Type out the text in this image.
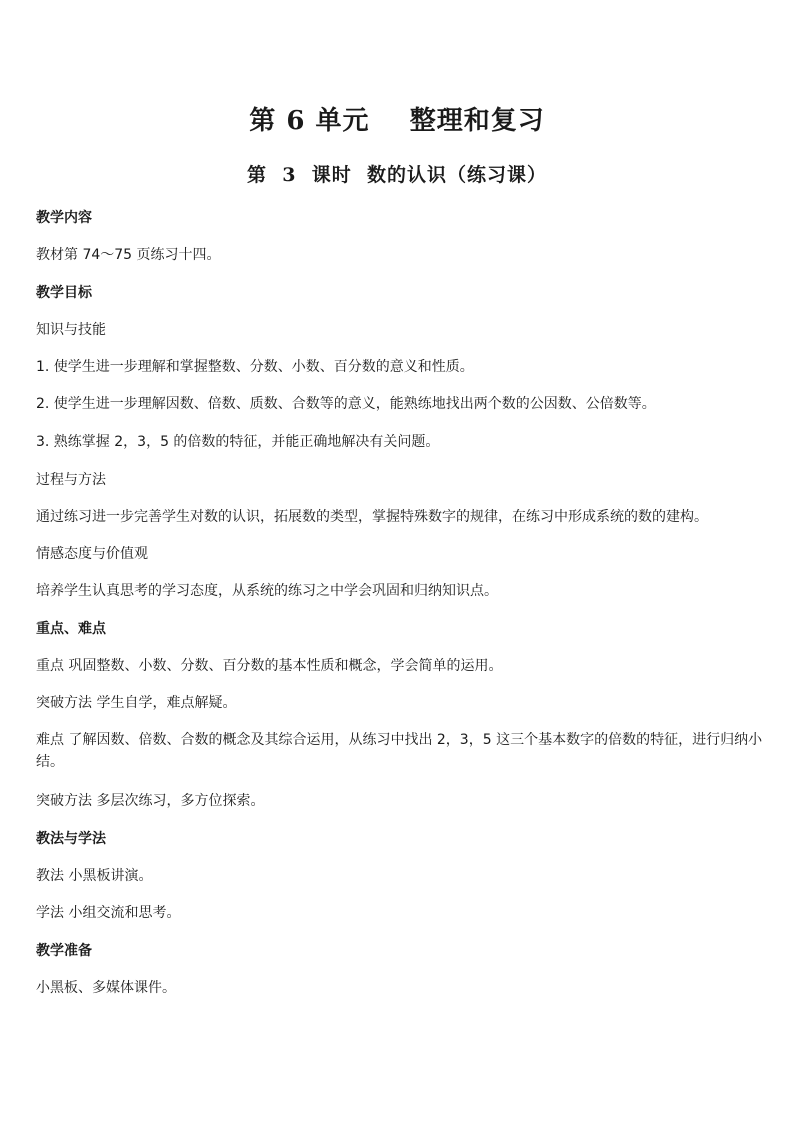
第 6 单元    整理和复习
第  3  课时  数的认识（练习课）

教学内容

教材第 74～75 页练习十四。

教学目标

知识与技能

1. 使学生进一步理解和掌握整数、分数、小数、百分数的意义和性质。

2. 使学生进一步理解因数、倍数、质数、合数等的意义，能熟练地找出两个数的公因数、公倍数等。

3. 熟练掌握 2，3，5 的倍数的特征，并能正确地解决有关问题。

过程与方法

通过练习进一步完善学生对数的认识，拓展数的类型，掌握特殊数字的规律，在练习中形成系统的数的建构。

情感态度与价值观

培养学生认真思考的学习态度，从系统的练习之中学会巩固和归纳知识点。

重点、难点

重点 巩固整数、小数、分数、百分数的基本性质和概念，学会简单的运用。

突破方法 学生自学，难点解疑。

难点 了解因数、倍数、合数的概念及其综合运用，从练习中找出 2，3，5 这三个基本数字的倍数的特征，进行归纳小结。

突破方法 多层次练习，多方位探索。

教法与学法

教法 小黑板讲演。

学法 小组交流和思考。

教学准备

小黑板、多媒体课件。
